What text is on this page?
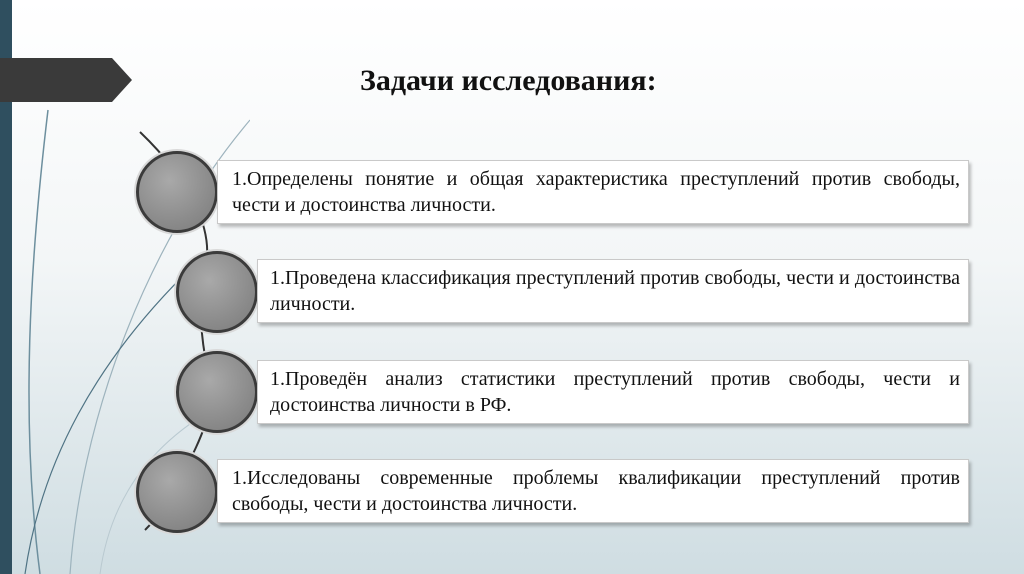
Задачи исследования:
1.Определены понятие и общая характеристика преступлений против свободы, чести и достоинства личности.
1.Проведена классификация преступлений против свободы, чести и достоинства личности.
1.Проведён анализ статистики преступлений против свободы, чести и достоинства личности в РФ.
1.Исследованы современные проблемы квалификации преступлений против свободы, чести и достоинства личности.
